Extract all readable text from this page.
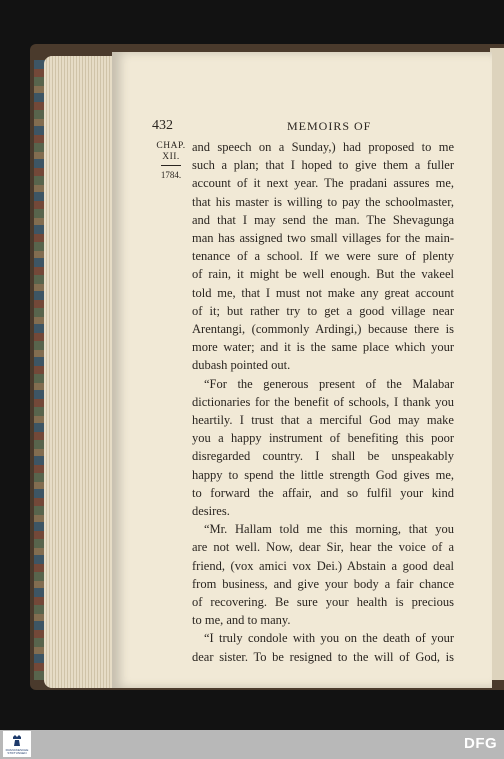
432	MEMOIRS OF
CHAP.
XII.
1784.

and speech on a Sunday,) had proposed to me

such a plan; that I hoped to give them a fuller

account of it next year. The pradani assures me,

that his master is willing to pay the schoolmaster,

and that I may send the man. The Shevagunga

man has assigned two small villages for the main-

tenance of a school. If we were sure of plenty

of rain, it might be well enough. But the vakeel

told me, that I must not make any great account

of it; but rather try to get a good village near

Arentangi, (commonly Ardingi,) because there is

more water; and it is the same place which your

dubash pointed out.

“For the generous present of the Malabar

dictionaries for the benefit of schools, I thank you

heartily. I trust that a merciful God may make

you a happy instrument of benefiting this poor

disregarded country. I shall be unspeakably

happy to spend the little strength God gives me,

to forward the affair, and so fulfil your kind

desires.

“Mr. Hallam told me this morning, that you

are not well. Now, dear Sir, hear the voice of a

friend, (vox amici vox Dei.) Abstain a good deal

from business, and give your body a fair chance

of recovering. Be sure your health is precious

to me, and to many.

“I truly condole with you on the death of your

dear sister. To be resigned to the will of God, is

FRANCKESCHE STIFTUNGEN
DFG
